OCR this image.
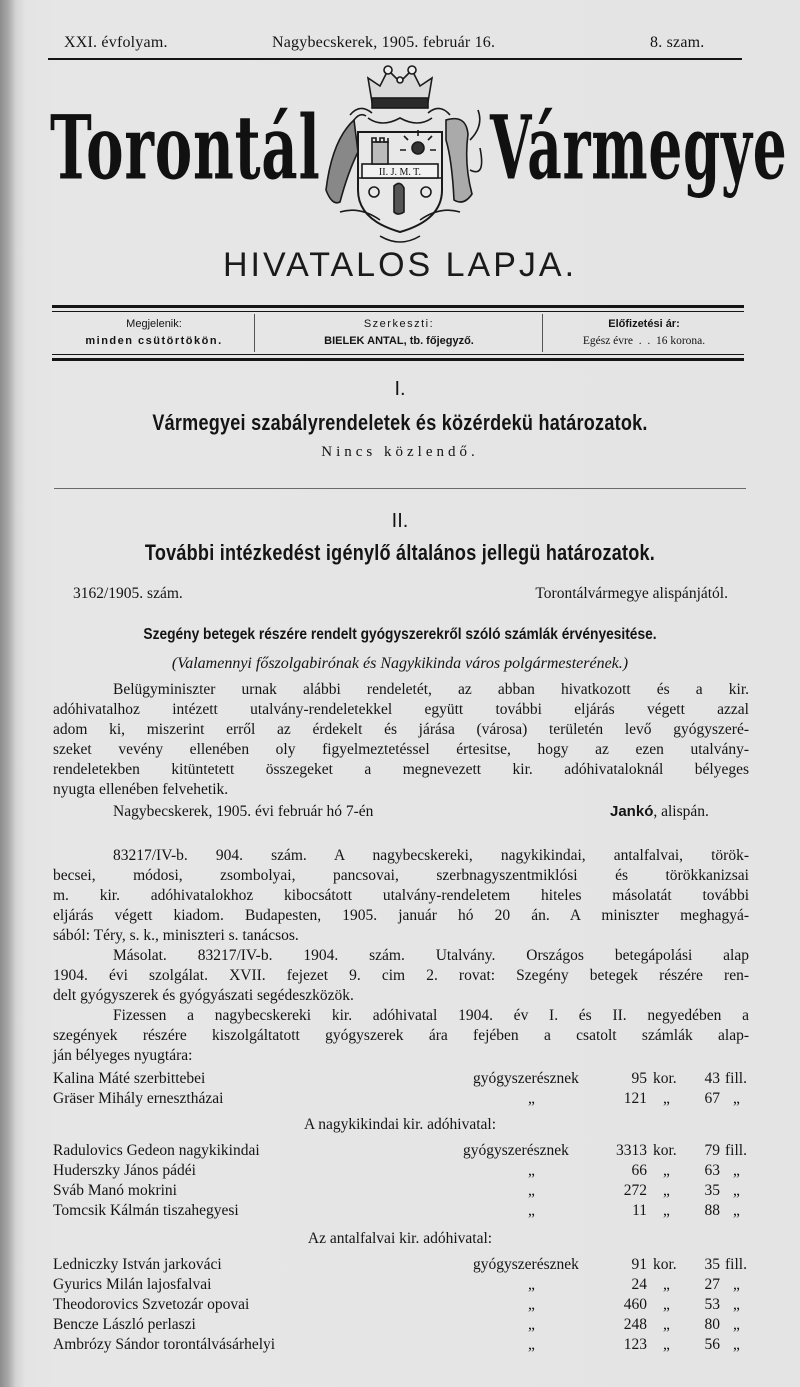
XXI. évfolyam.	Nagybecskerek, 1905. február 16.	8. szam.
Torontál Vármegye
II. J. M. T.
HIVATALOS LAPJA.
Megjelenik:
minden csütörtökön.
Szerkeszti:
BIELEK ANTAL, tb. főjegyző.
Előfizetési ár:
Egész évre  .  .  16 korona.
I.
Vármegyei szabályrendeletek és közérdekü határozatok.
Nincs közlendő.
II.
További intézkedést igénylő általános jellegü határozatok.
3162/1905. szám.	Torontálvármegye alispánjától.
Szegény betegek részére rendelt gyógyszerekről szóló számlák érvényesitése.
(Valamennyi főszolgabirónak és Nagykikinda város polgármesterének.)
Belügyminiszter urnak alábbi rendeletét, az abban hivatkozott és a kir.
adóhivatalhoz intézett utalvány-rendeletekkel együtt további eljárás végett azzal
adom ki, miszerint erről az érdekelt és járása (városa) területén levő gyógyszeré-
szeket vevény ellenében oly figyelmeztetéssel értesitse, hogy az ezen utalvány-
rendeletekben kitüntetett összegeket a megnevezett kir. adóhivataloknál bélyeges
nyugta ellenében felvehetik.
Nagybecskerek, 1905. évi február hó 7-én	Jankó, alispán.
83217/IV-b. 904. szám. A nagybecskereki, nagykikindai, antalfalvai, török-
becsei, módosi, zsombolyai, pancsovai, szerbnagyszentmiklósi és törökkanizsai
m. kir. adóhivatalokhoz kibocsátott utalvány-rendeletem hiteles másolatát további
eljárás végett kiadom. Budapesten, 1905. január hó 20 án. A miniszter meghagyá-
sából: Téry, s. k., miniszteri s. tanácsos.
Másolat. 83217/IV-b. 1904. szám. Utalvány. Országos betegápolási alap
1904. évi szolgálat. XVII. fejezet 9. cim 2. rovat: Szegény betegek részére ren-
delt gyógyszerek és gyógyászati segédeszközök.
Fizessen a nagybecskereki kir. adóhivatal 1904. év I. és II. negyedében a
szegények részére kiszolgáltatott gyógyszerek ára fejében a csatolt számlák alap-
ján bélyeges nyugtára:
Kalina Máté szerbittebei	gyógyszerésznek	95 kor.	43 fill.
Gräser Mihály ernesztházai	„	121 „	67 „
A nagykikindai kir. adóhivatal:
Radulovics Gedeon nagykikindai	gyógyszerésznek	3313 kor.	79 fill.
Huderszky János pádéi	„	66 „	63 „
Sváb Manó mokrini	„	272 „	35 „
Tomcsik Kálmán tiszahegyesi	„	11 „	88 „
Az antalfalvai kir. adóhivatal:
Ledniczky István jarkováci	gyógyszerésznek	91 kor.	35 fill.
Gyurics Milán lajosfalvai	„	24 „	27 „
Theodorovics Szvetozár opovai	„	460 „	53 „
Bencze László perlaszi	„	248 „	80 „
Ambrózy Sándor torontálvásárhelyi	„	123 „	56 „
